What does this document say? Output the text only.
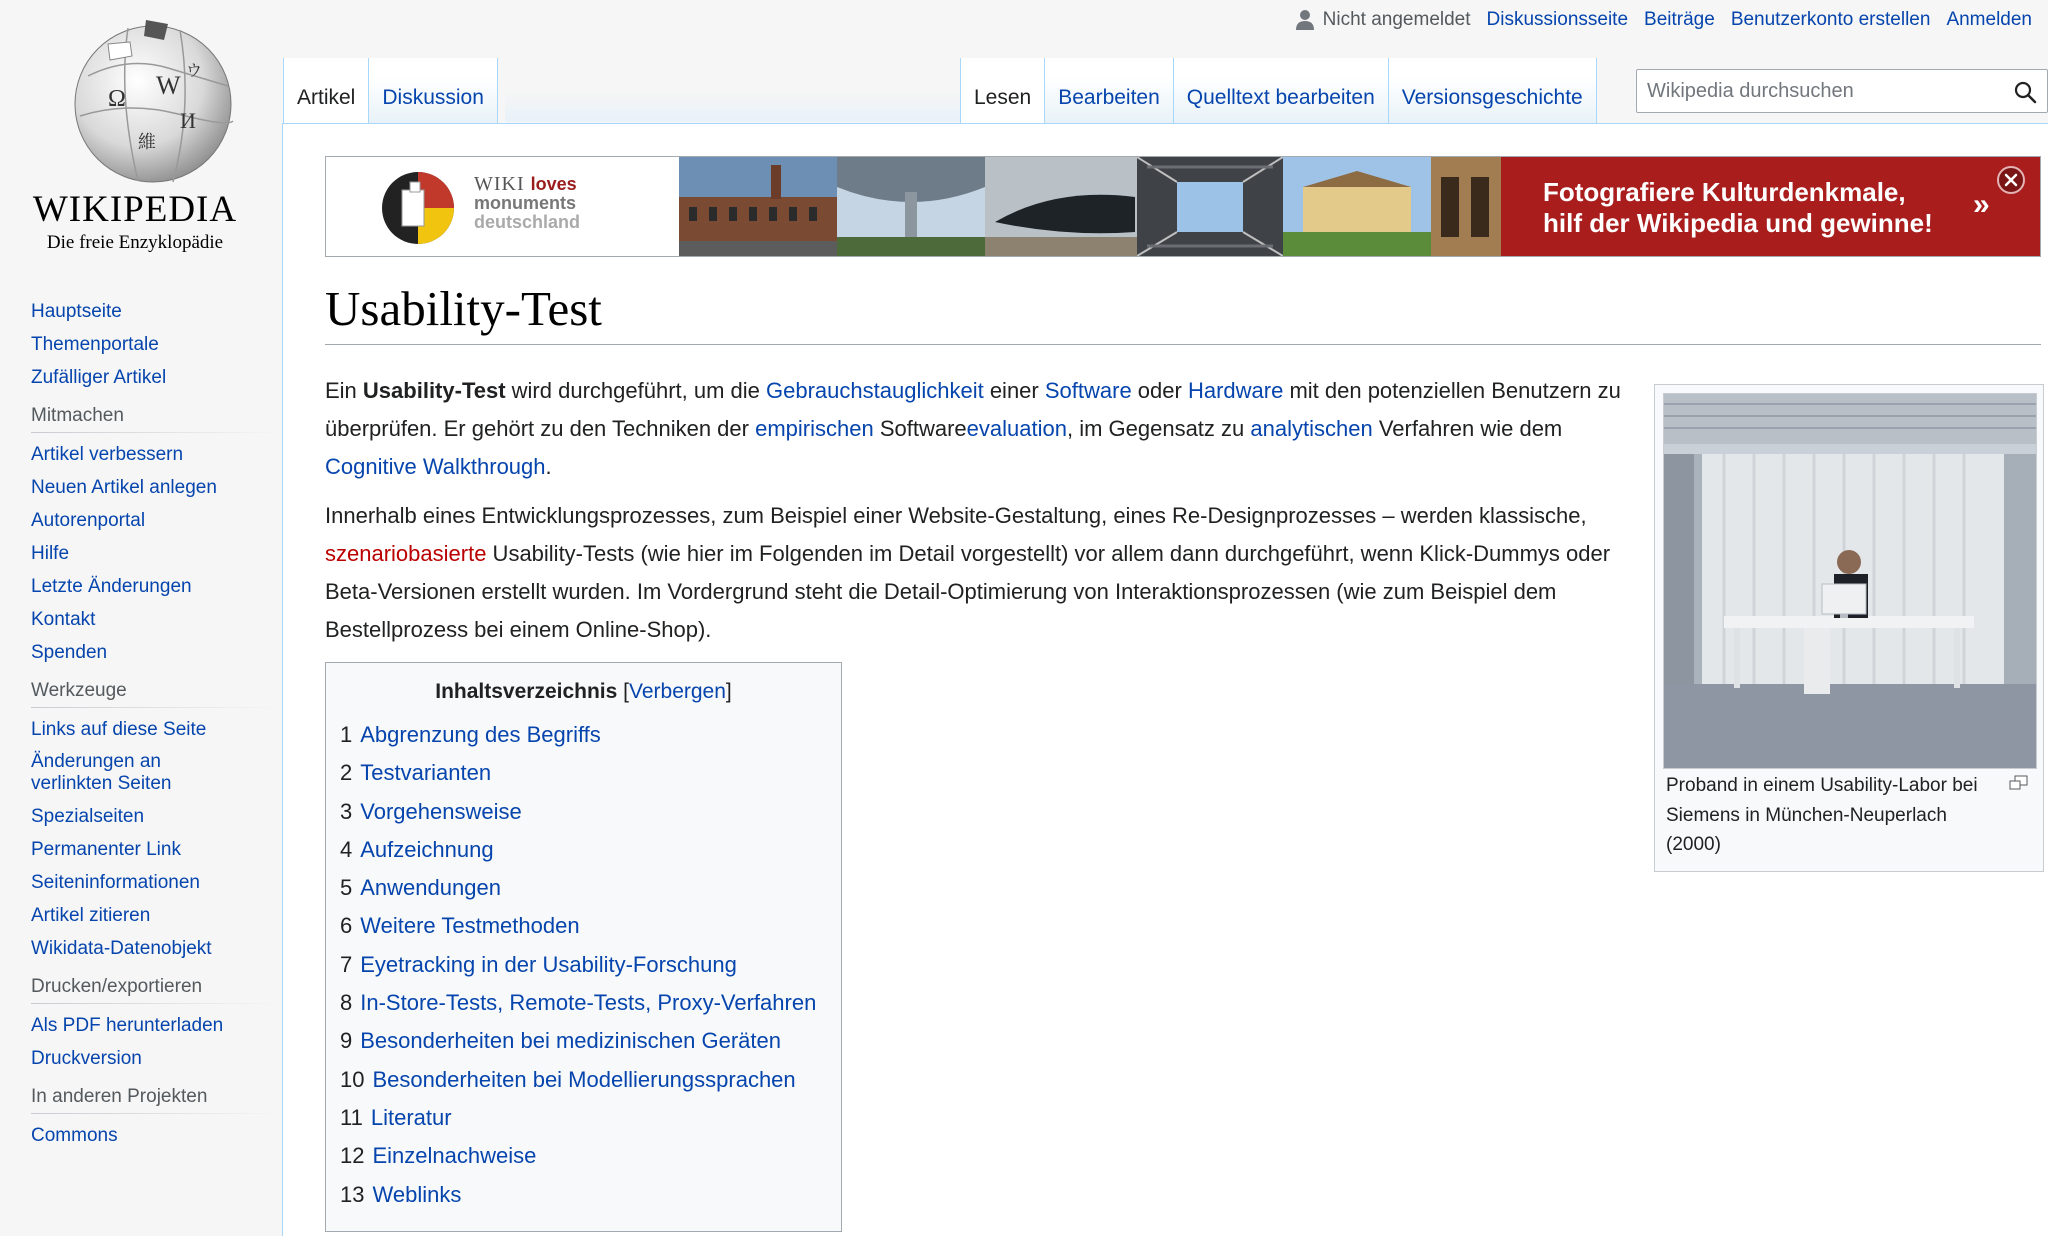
W
Ω
И
維
ウ
WIKIPEDIA
Die freie Enzyklopädie
Hauptseite
Themenportale
Zufälliger Artikel
Mitmachen
Artikel verbessern
Neuen Artikel anlegen
Autorenportal
Hilfe
Letzte Änderungen
Kontakt
Spenden
Werkzeuge
Links auf diese Seite
Änderungen an verlinkten Seiten
Spezialseiten
Permanenter Link
Seiteninformationen
Artikel zitieren
Wikidata-Datenobjekt
Drucken/exportieren
Als PDF herunterladen
Druckversion
In anderen Projekten
Commons
Nicht angemeldet Diskussionsseite Beiträge Benutzerkonto erstellen Anmelden
Artikel	Diskussion	Lesen	Bearbeiten	Quelltext bearbeiten	Versionsgeschichte
Wikipedia durchsuchen
WIKI loves
monuments
deutschland
Fotografiere Kulturdenkmale,
hilf der Wikipedia und gewinne!
»
Usability-Test

Ein Usability-Test wird durchgeführt, um die Gebrauchstauglichkeit einer Software oder Hardware mit den potenziellen Benutzern zu überprüfen. Er gehört zu den Techniken der empirischen Softwareevaluation, im Gegensatz zu analytischen Verfahren wie dem Cognitive Walkthrough.

Innerhalb eines Entwicklungsprozesses, zum Beispiel einer Website-Gestaltung, eines Re-Designprozesses – werden klassische, szenariobasierte Usability-Tests (wie hier im Folgenden im Detail vorgestellt) vor allem dann durchgeführt, wenn Klick-Dummys oder Beta-Versionen erstellt wurden. Im Vordergrund steht die Detail-Optimierung von Interaktionsprozessen (wie zum Beispiel dem Bestellprozess bei einem Online-Shop).

Inhaltsverzeichnis [Verbergen]
1 Abgrenzung des Begriffs
2 Testvarianten
3 Vorgehensweise
4 Aufzeichnung
5 Anwendungen
6 Weitere Testmethoden
7 Eyetracking in der Usability-Forschung
8 In-Store-Tests, Remote-Tests, Proxy-Verfahren
9 Besonderheiten bei medizinischen Geräten
10 Besonderheiten bei Modellierungssprachen
11 Literatur
12 Einzelnachweise
13 Weblinks
Proband in einem Usability-Labor bei Siemens in München-Neuperlach (2000)
